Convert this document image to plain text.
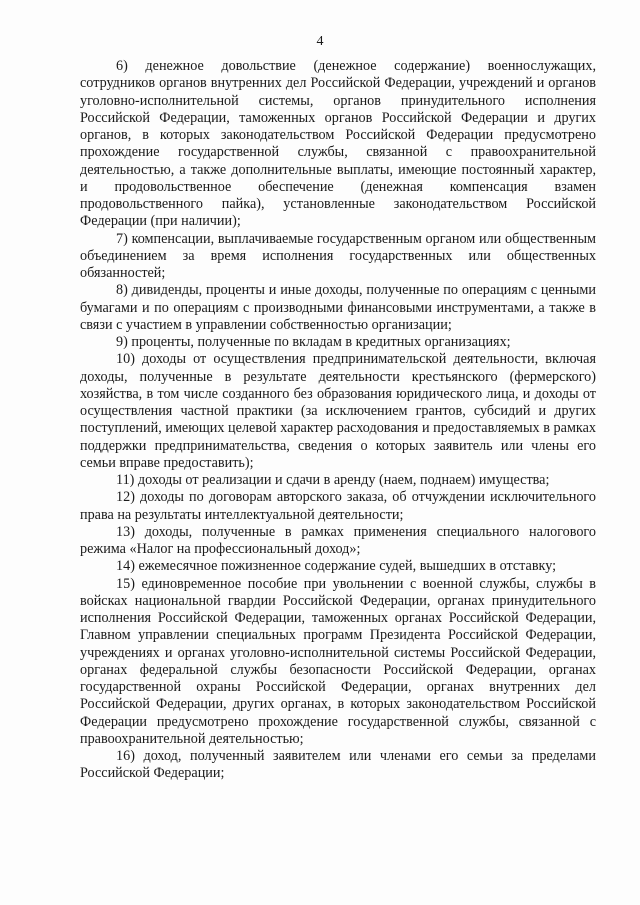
4

6) денежное довольствие (денежное содержание) военнослужащих, сотрудников органов внутренних дел Российской Федерации, учреждений и органов уголовно-исполнительной системы, органов принудительного исполнения Российской Федерации, таможенных органов Российской Федерации и других органов, в которых законодательством Российской Федерации предусмотрено прохождение государственной службы, связанной с правоохранительной деятельностью, а также дополнительные выплаты, имеющие постоянный характер, и продовольственное обеспечение (денежная компенсация взамен продовольственного пайка), установленные законодательством Российской Федерации (при наличии);

7) компенсации, выплачиваемые государственным органом или общественным объединением за время исполнения государственных или общественных обязанностей;

8) дивиденды, проценты и иные доходы, полученные по операциям с ценными бумагами и по операциям с производными финансовыми инструментами, а также в связи с участием в управлении собственностью организации;

9) проценты, полученные по вкладам в кредитных организациях;

10) доходы от осуществления предпринимательской деятельности, включая доходы, полученные в результате деятельности крестьянского (фермерского) хозяйства, в том числе созданного без образования юридического лица, и доходы от осуществления частной практики (за исключением грантов, субсидий и других поступлений, имеющих целевой характер расходования и предоставляемых в рамках поддержки предпринимательства, сведения о которых заявитель или члены его семьи вправе предоставить);

11) доходы от реализации и сдачи в аренду (наем, поднаем) имущества;

12) доходы по договорам авторского заказа, об отчуждении исключительного права на результаты интеллектуальной деятельности;

13) доходы, полученные в рамках применения специального налогового режима «Налог на профессиональный доход»;

14) ежемесячное пожизненное содержание судей, вышедших в отставку;

15) единовременное пособие при увольнении с военной службы, службы в войсках национальной гвардии Российской Федерации, органах принудительного исполнения Российской Федерации, таможенных органах Российской Федерации, Главном управлении специальных программ Президента Российской Федерации, учреждениях и органах уголовно-исполнительной системы Российской Федерации, органах федеральной службы безопасности Российской Федерации, органах государственной охраны Российской Федерации, органах внутренних дел Российской Федерации, других органах, в которых законодательством Российской Федерации предусмотрено прохождение государственной службы, связанной с правоохранительной деятельностью;

16) доход, полученный заявителем или членами его семьи за пределами Российской Федерации;
